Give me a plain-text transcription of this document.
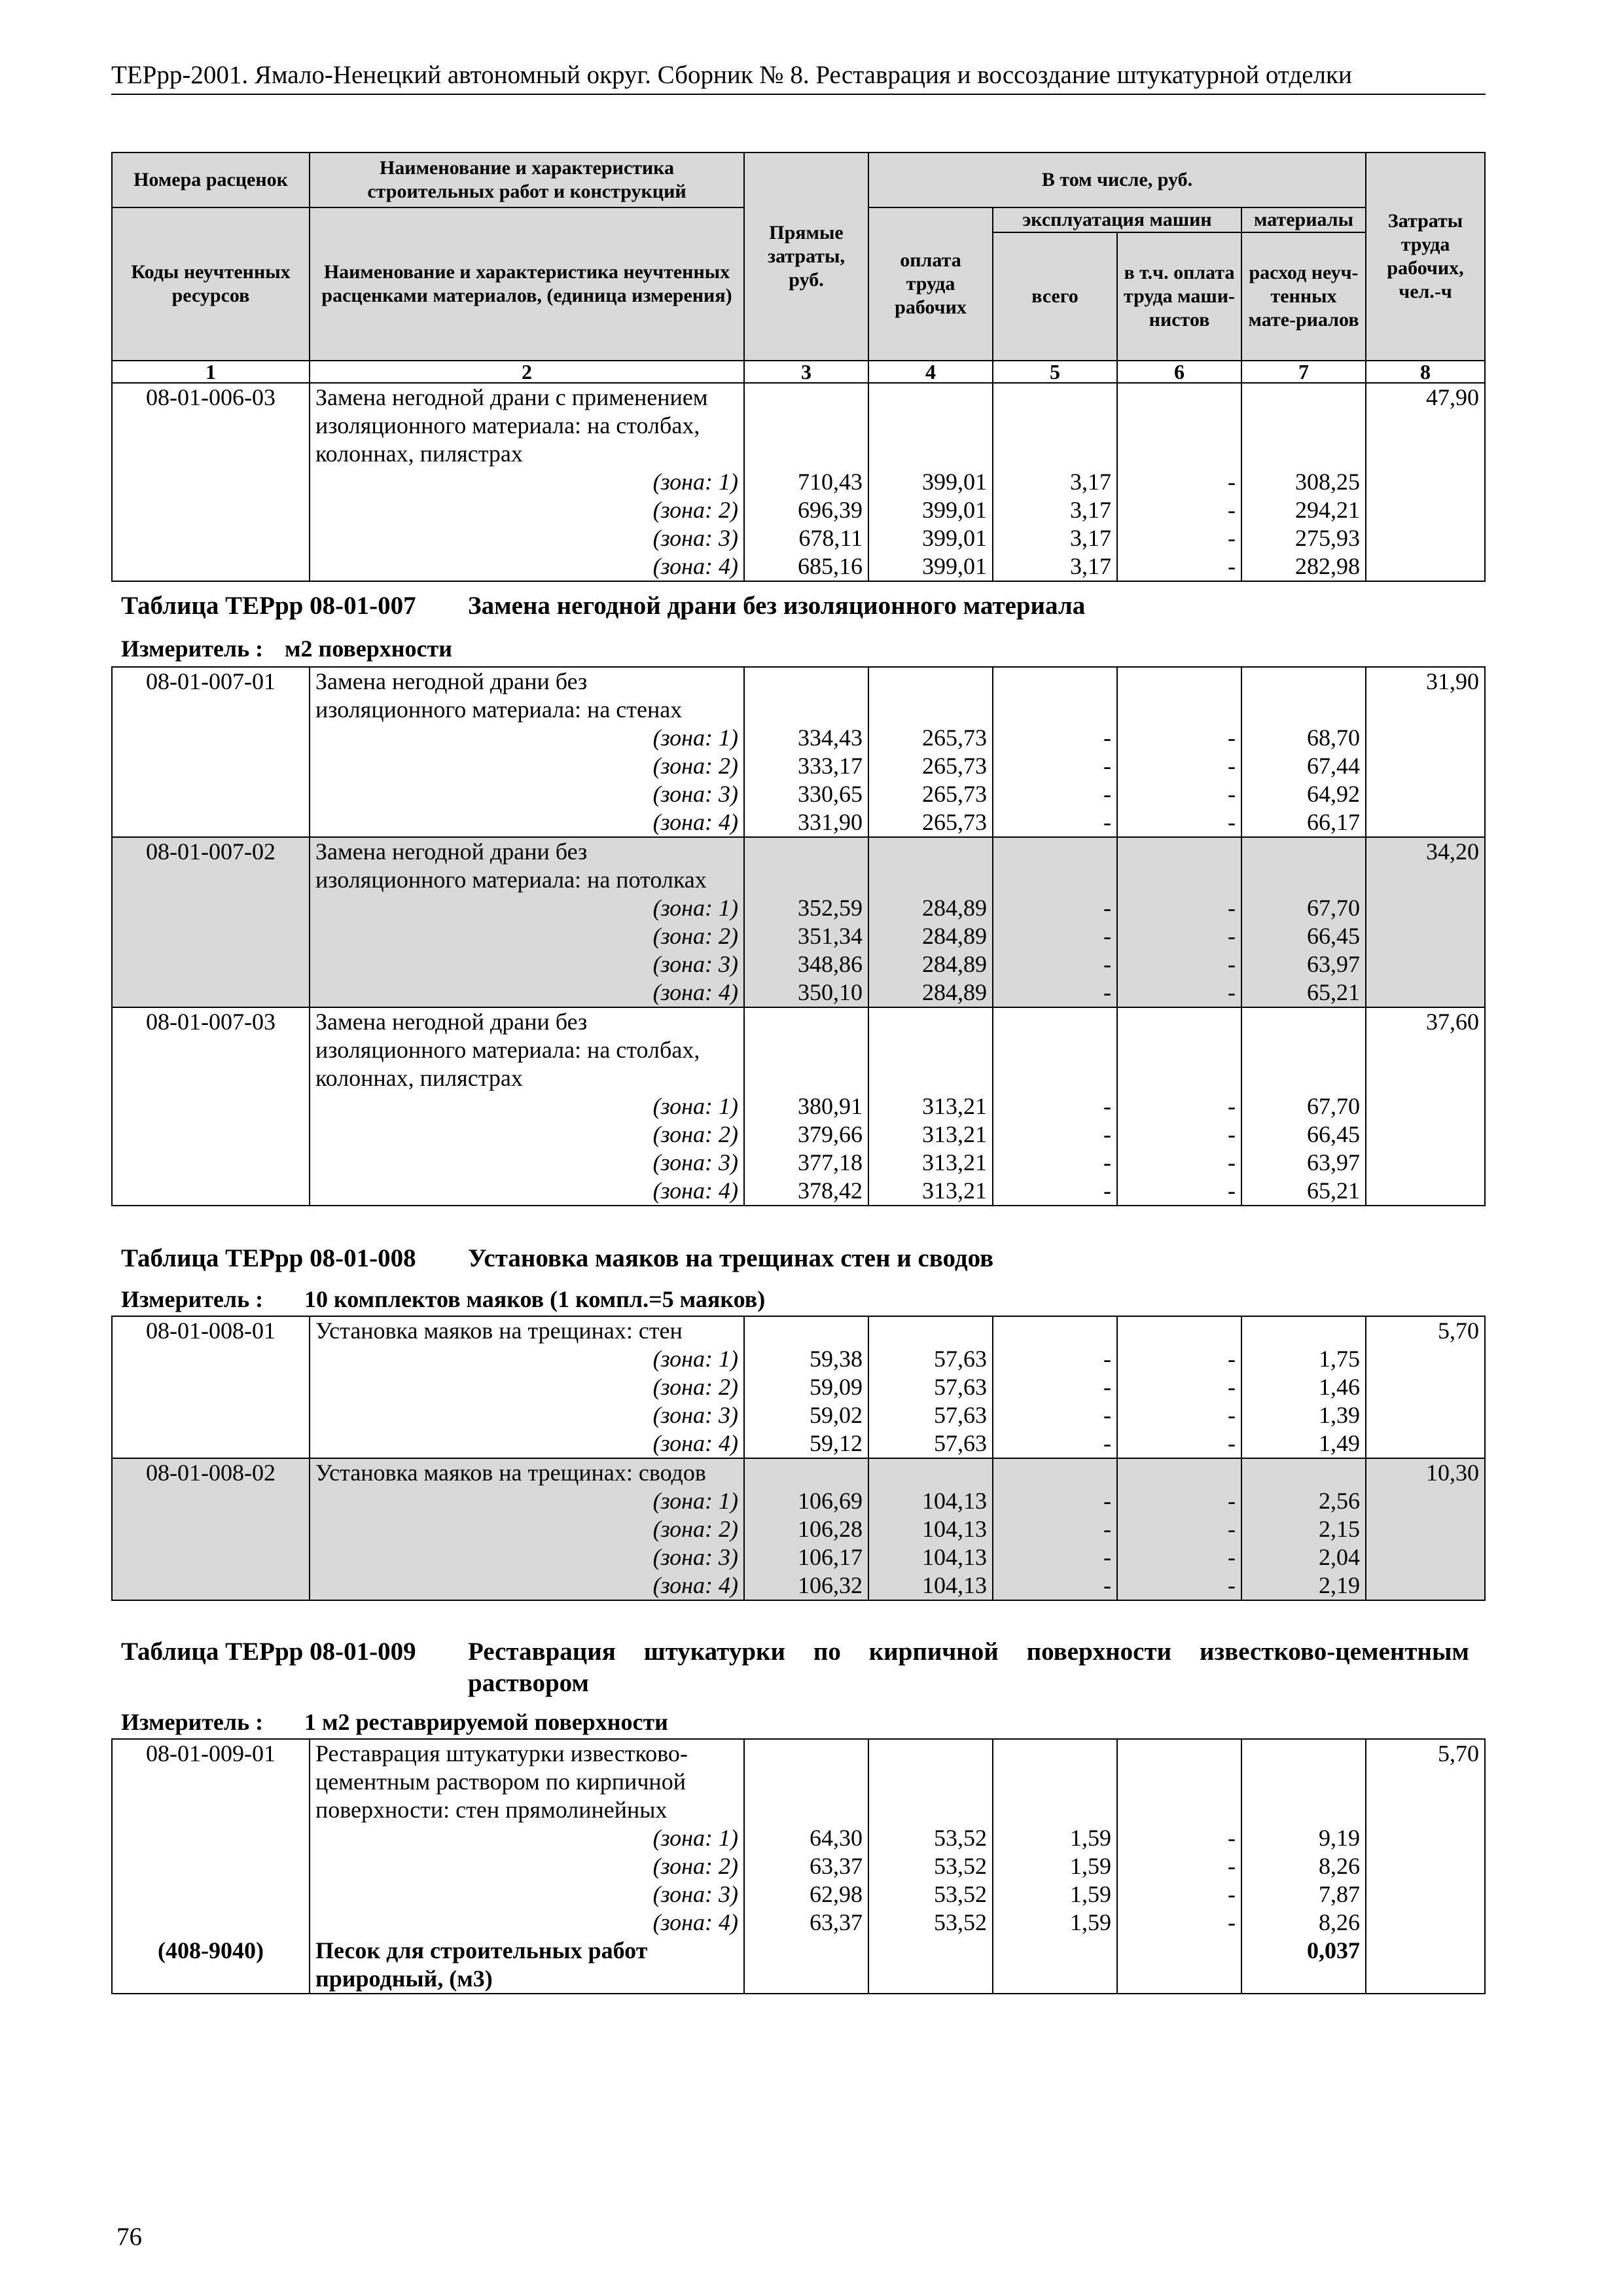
ТЕРрр-2001. Ямало-Ненецкий автономный округ. Сборник № 8. Реставрация и воссоздание штукатурной отделки
Номера расценок	Наименование и характеристика строительных работ и конструкций	Прямые затраты, руб.	В том числе, руб.				Затраты труда рабочих, чел.-ч
Коды неучтенных ресурсов	Наименование и характеристика неучтенных расценками материалов, (единица измерения)		оплата труда рабочих	эксплуатация машин		материалы	
				всего	в т.ч. оплата труда маши-нистов	расход неуч-тенных мате-риалов	
1	2	3	4	5	6	7	8
08-01-006-03	Замена негодной драни с применением изоляционного материала: на столбах, колоннах, пилястрах						47,90
	(зона: 1)	710,43	399,01	3,17	-	308,25	
	(зона: 2)	696,39	399,01	3,17	-	294,21	
	(зона: 3)	678,11	399,01	3,17	-	275,93	
	(зона: 4)	685,16	399,01	3,17	-	282,98	
Таблица ТЕРрр 08-01-007 Замена негодной драни без изоляционного материала
Измеритель : м2 поверхности
08-01-007-01	Замена негодной драни без изоляционного материала: на стенах						31,90
	(зона: 1)	334,43	265,73	-	-	68,70	
	(зона: 2)	333,17	265,73	-	-	67,44	
	(зона: 3)	330,65	265,73	-	-	64,92	
	(зона: 4)	331,90	265,73	-	-	66,17	
08-01-007-02	Замена негодной драни без изоляционного материала: на потолках						34,20
	(зона: 1)	352,59	284,89	-	-	67,70	
	(зона: 2)	351,34	284,89	-	-	66,45	
	(зона: 3)	348,86	284,89	-	-	63,97	
	(зона: 4)	350,10	284,89	-	-	65,21	
08-01-007-03	Замена негодной драни без изоляционного материала: на столбах, колоннах, пилястрах						37,60
	(зона: 1)	380,91	313,21	-	-	67,70	
	(зона: 2)	379,66	313,21	-	-	66,45	
	(зона: 3)	377,18	313,21	-	-	63,97	
	(зона: 4)	378,42	313,21	-	-	65,21	
Таблица ТЕРрр 08-01-008 Установка маяков на трещинах стен и сводов
Измеритель : 10 комплектов маяков (1 компл.=5 маяков)
08-01-008-01	Установка маяков на трещинах: стен						5,70
	(зона: 1)	59,38	57,63	-	-	1,75	
	(зона: 2)	59,09	57,63	-	-	1,46	
	(зона: 3)	59,02	57,63	-	-	1,39	
	(зона: 4)	59,12	57,63	-	-	1,49	
08-01-008-02	Установка маяков на трещинах: сводов						10,30
	(зона: 1)	106,69	104,13	-	-	2,56	
	(зона: 2)	106,28	104,13	-	-	2,15	
	(зона: 3)	106,17	104,13	-	-	2,04	
	(зона: 4)	106,32	104,13	-	-	2,19	
Таблица ТЕРрр 08-01-009 Реставрация штукатурки по кирпичной поверхности известково-цементным раствором
Измеритель : 1 м2 реставрируемой поверхности
08-01-009-01	Реставрация штукатурки известково-цементным раствором по кирпичной поверхности: стен прямолинейных						5,70
	(зона: 1)	64,30	53,52	1,59	-	9,19	
	(зона: 2)	63,37	53,52	1,59	-	8,26	
	(зона: 3)	62,98	53,52	1,59	-	7,87	
	(зона: 4)	63,37	53,52	1,59	-	8,26	
(408-9040)	Песок для строительных работ природный, (м3)					0,037	
76
